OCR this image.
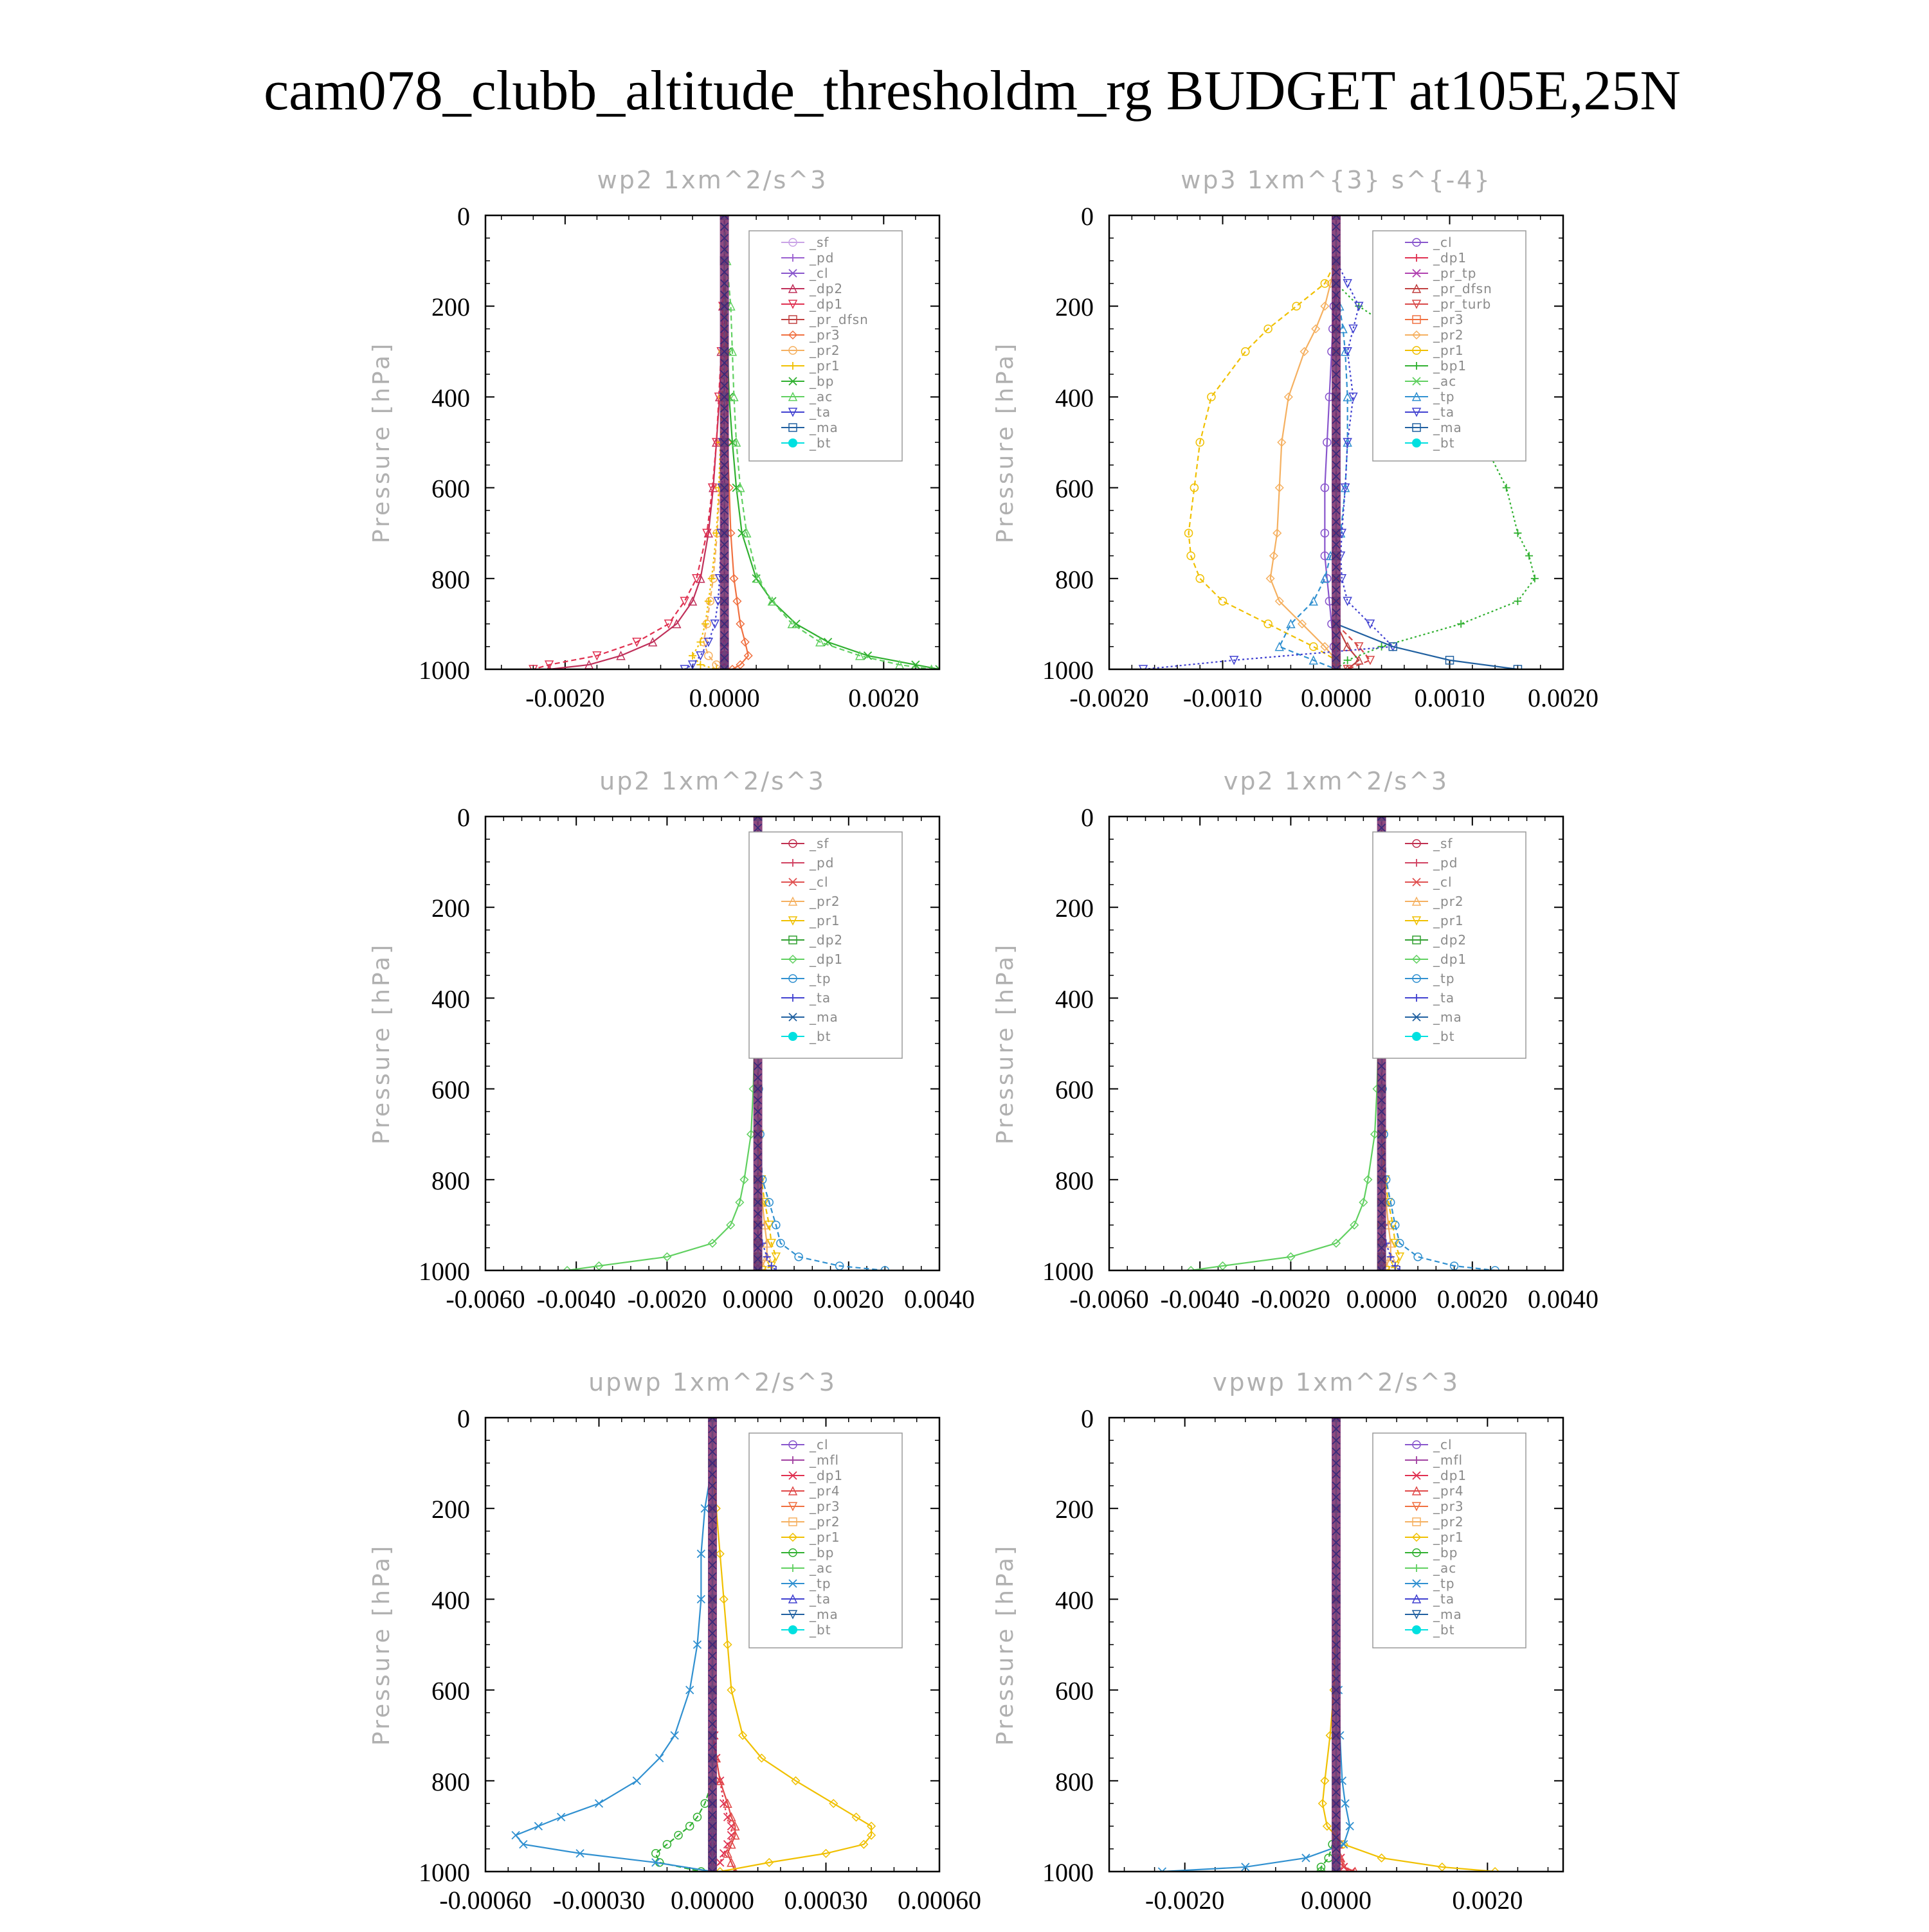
cam078_clubb_altitude_thresholdm_rg BUDGET at105E,25N
wp2 1xm^2/s^3
Pressure [hPa]
0
200
400
600
800
1000
-0.0020	0.0000	0.0020
_sf
_pd
_cl
_dp2
_dp1
_pr_dfsn
_pr3
_pr2
_pr1
_bp
_ac
_ta
_ma
_bt
wp3 1xm^{3} s^{-4}
Pressure [hPa]
0
200
400
600
800
1000
-0.0020 -0.0010 0.0000 0.0010 0.0020
_cl
_dp1
_pr_tp
_pr_dfsn
_pr_turb
_pr3
_pr2
_pr1
_bp1
_ac
_tp
_ta
_ma
_bt
up2 1xm^2/s^3
Pressure [hPa]
0
200
400
600
800
1000
-0.0060 -0.0040 -0.0020 0.0000 0.0020 0.0040
_sf
_pd
_cl
_pr2
_pr1
_dp2
_dp1
_tp
_ta
_ma
_bt
vp2 1xm^2/s^3
Pressure [hPa]
0
200
400
600
800
1000
-0.0060 -0.0040 -0.0020 0.0000 0.0020 0.0040
_sf
_pd
_cl
_pr2
_pr1
_dp2
_dp1
_tp
_ta
_ma
_bt
upwp 1xm^2/s^3
Pressure [hPa]
0
200
400
600
800
1000
-0.00060 -0.00030 0.00000 0.00030 0.00060
_cl
_mfl
_dp1
_pr4
_pr3
_pr2
_pr1
_bp
_ac
_tp
_ta
_ma
_bt
vpwp 1xm^2/s^3
Pressure [hPa]
0
200
400
600
800
1000
-0.0020	0.0000	0.0020
_cl
_mfl
_dp1
_pr4
_pr3
_pr2
_pr1
_bp
_ac
_tp
_ta
_ma
_bt
